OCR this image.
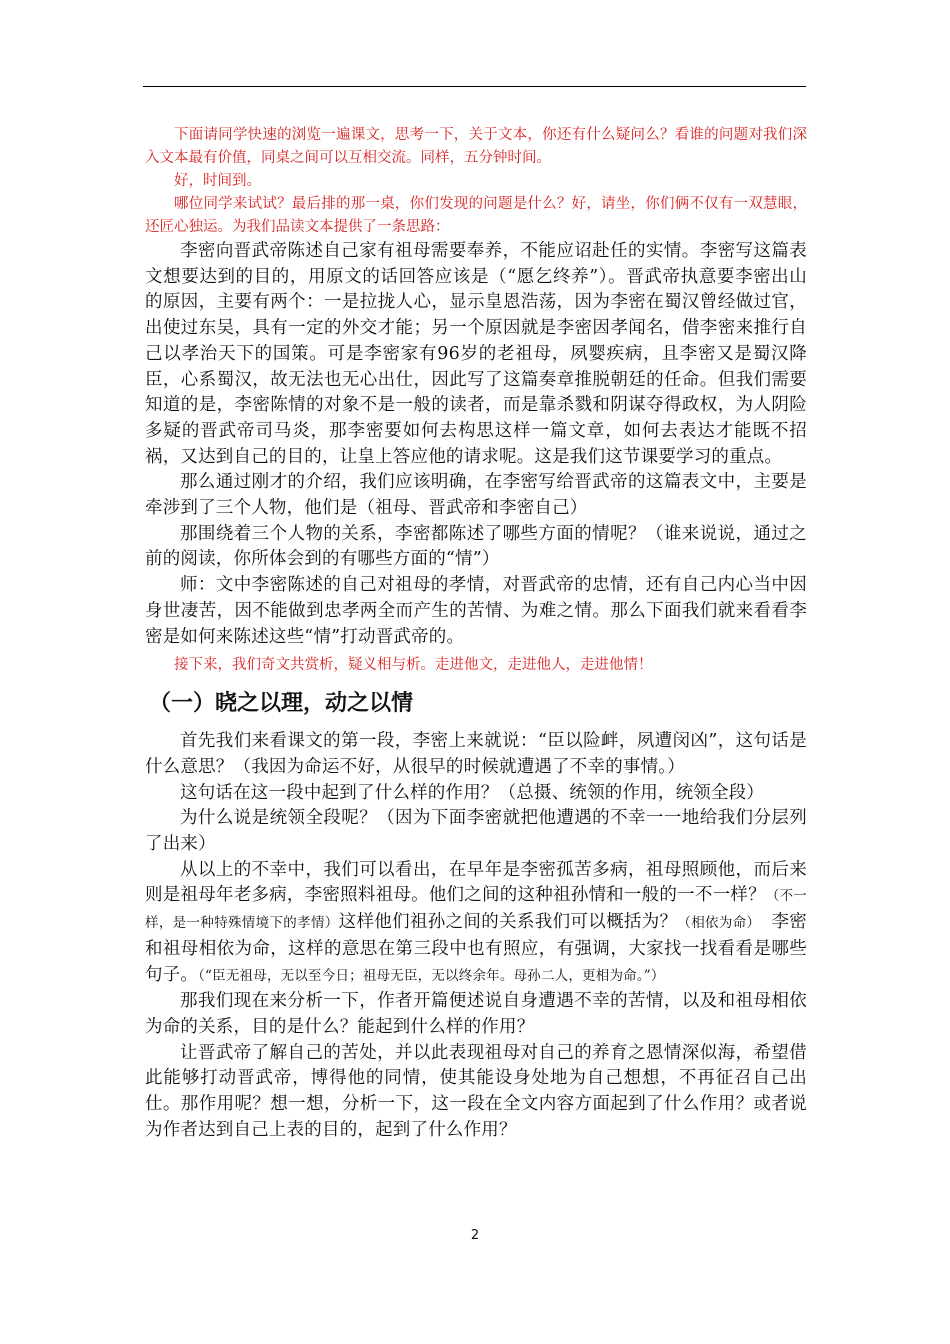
下面请同学快速的浏览一遍课文，思考一下，关于文本，你还有什么疑问么？看谁的问题对我们深入文本最有价值，同桌之间可以互相交流。同样，五分钟时间。

好，时间到。

哪位同学来试试？最后排的那一桌，你们发现的问题是什么？好，请坐，你们俩不仅有一双慧眼，还匠心独运。为我们品读文本提供了一条思路：

李密向晋武帝陈述自己家有祖母需要奉养，不能应诏赴任的实情。李密写这篇表文想要达到的目的，用原文的话回答应该是（“愿乞终养”）。晋武帝执意要李密出山的原因，主要有两个：一是拉拢人心，显示皇恩浩荡，因为李密在蜀汉曾经做过官，出使过东吴，具有一定的外交才能；另一个原因就是李密因孝闻名，借李密来推行自己以孝治天下的国策。可是李密家有96岁的老祖母，夙婴疾病，且李密又是蜀汉降臣，心系蜀汉，故无法也无心出仕，因此写了这篇奏章推脱朝廷的任命。但我们需要知道的是，李密陈情的对象不是一般的读者，而是靠杀戮和阴谋夺得政权，为人阴险多疑的晋武帝司马炎，那李密要如何去构思这样一篇文章，如何去表达才能既不招祸，又达到自己的目的，让皇上答应他的请求呢。这是我们这节课要学习的重点。

那么通过刚才的介绍，我们应该明确，在李密写给晋武帝的这篇表文中，主要是牵涉到了三个人物，他们是（祖母、晋武帝和李密自己）

那围绕着三个人物的关系，李密都陈述了哪些方面的情呢？（谁来说说，通过之前的阅读，你所体会到的有哪些方面的“情”）

师：文中李密陈述的自己对祖母的孝情，对晋武帝的忠情，还有自己内心当中因身世凄苦，因不能做到忠孝两全而产生的苦情、为难之情。那么下面我们就来看看李密是如何来陈述这些“情”打动晋武帝的。

接下来，我们奇文共赏析，疑义相与析。走进他文，走进他人，走进他情！

（一）晓之以理，动之以情

首先我们来看课文的第一段，李密上来就说：“臣以险衅，夙遭闵凶”，这句话是什么意思？（我因为命运不好，从很早的时候就遭遇了不幸的事情。）

这句话在这一段中起到了什么样的作用？（总摄、统领的作用，统领全段）

为什么说是统领全段呢？（因为下面李密就把他遭遇的不幸一一地给我们分层列了出来）

从以上的不幸中，我们可以看出，在早年是李密孤苦多病，祖母照顾他，而后来则是祖母年老多病，李密照料祖母。他们之间的这种祖孙情和一般的一不一样？（不一样，是一种特殊情境下的孝情）这样他们祖孙之间的关系我们可以概括为？（相依为命）　李密和祖母相依为命，这样的意思在第三段中也有照应，有强调，大家找一找看看是哪些句子。（“臣无祖母，无以至今日；祖母无臣，无以终余年。母孙二人，更相为命。”）

那我们现在来分析一下，作者开篇便述说自身遭遇不幸的苦情，以及和祖母相依为命的关系，目的是什么？能起到什么样的作用？

让晋武帝了解自己的苦处，并以此表现祖母对自己的养育之恩情深似海，希望借此能够打动晋武帝，博得他的同情，使其能设身处地为自己想想，不再征召自己出仕。那作用呢？想一想，分析一下，这一段在全文内容方面起到了什么作用？或者说为作者达到自己上表的目的，起到了什么作用？

2
